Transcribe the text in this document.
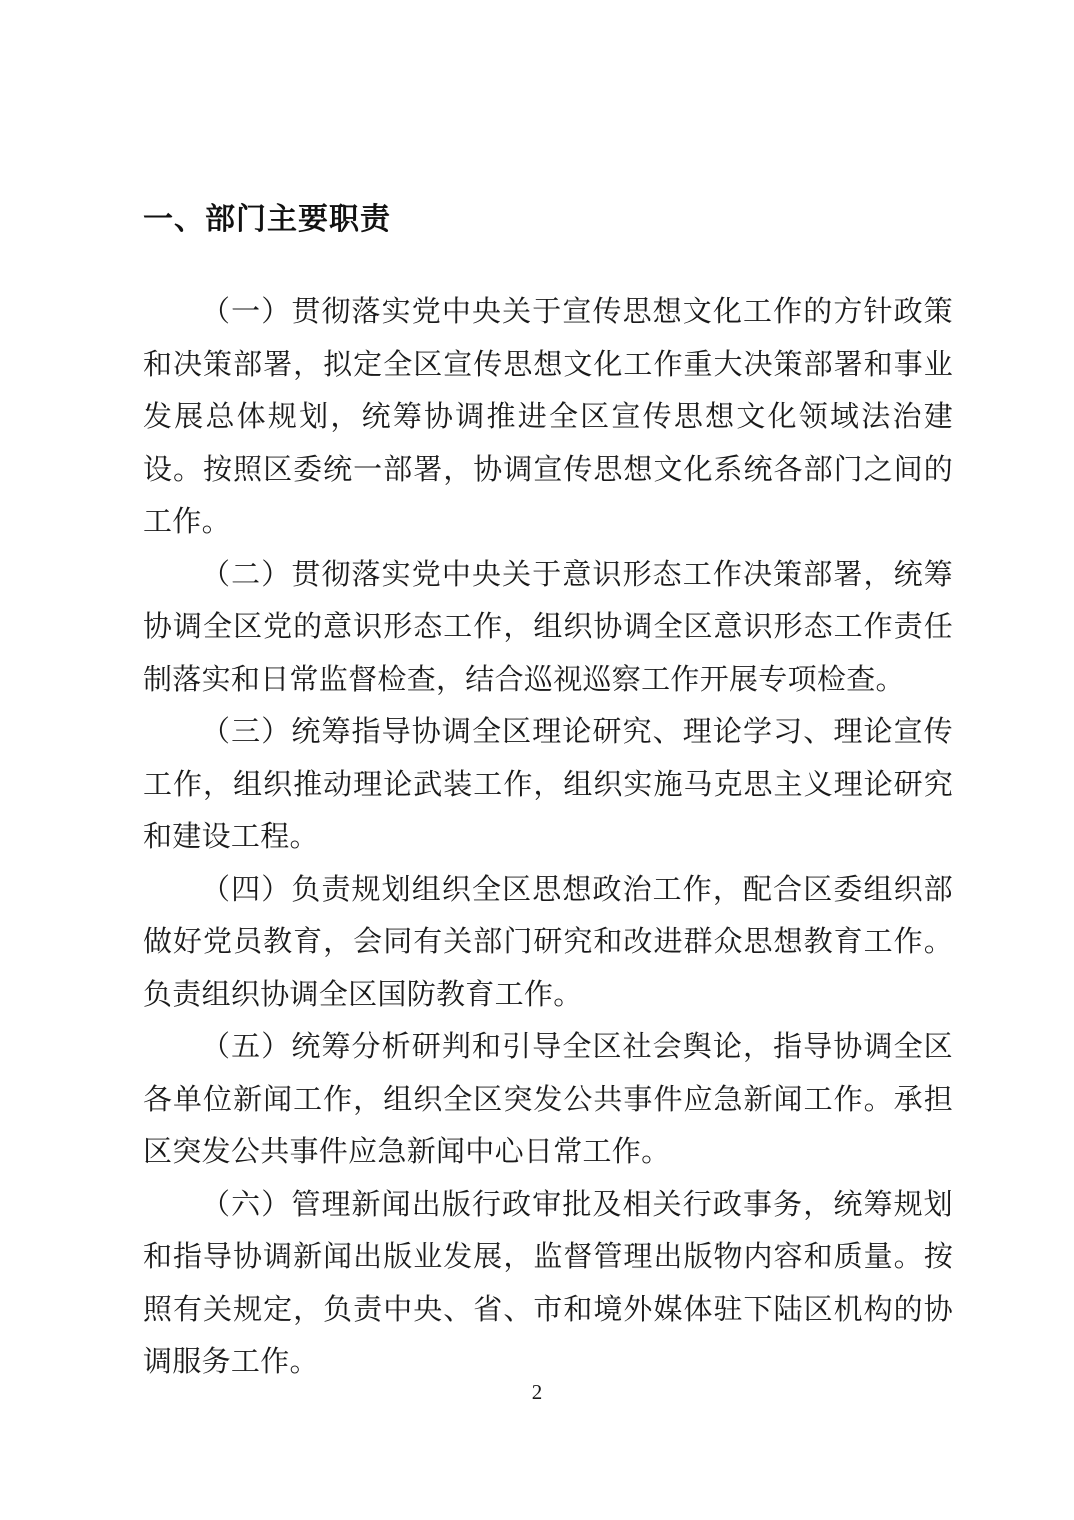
一、部门主要职责

（一）贯彻落实党中央关于宣传思想文化工作的方针政策和决策部署，拟定全区宣传思想文化工作重大决策部署和事业发展总体规划，统筹协调推进全区宣传思想文化领域法治建设。按照区委统一部署，协调宣传思想文化系统各部门之间的工作。

（二）贯彻落实党中央关于意识形态工作决策部署，统筹协调全区党的意识形态工作，组织协调全区意识形态工作责任制落实和日常监督检查，结合巡视巡察工作开展专项检查。

（三）统筹指导协调全区理论研究、理论学习、理论宣传工作，组织推动理论武装工作，组织实施马克思主义理论研究和建设工程。

（四）负责规划组织全区思想政治工作，配合区委组织部做好党员教育，会同有关部门研究和改进群众思想教育工作。负责组织协调全区国防教育工作。

（五）统筹分析研判和引导全区社会舆论，指导协调全区各单位新闻工作，组织全区突发公共事件应急新闻工作。承担区突发公共事件应急新闻中心日常工作。

（六）管理新闻出版行政审批及相关行政事务，统筹规划和指导协调新闻出版业发展，监督管理出版物内容和质量。按照有关规定，负责中央、省、市和境外媒体驻下陆区机构的协调服务工作。

2
